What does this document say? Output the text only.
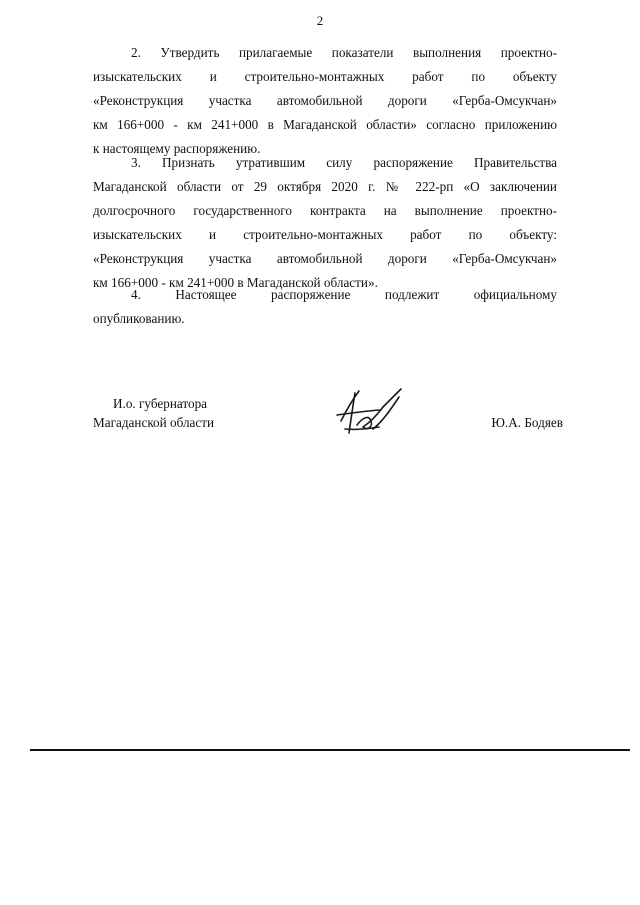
2
2. Утвердить прилагаемые показатели выполнения проектно-
изыскательских и строительно-монтажных работ по объекту
«Реконструкция участка автомобильной дороги «Герба-Омсукчан»
км 166+000 - км 241+000 в Магаданской области» согласно приложению
к настоящему распоряжению.
3. Признать утратившим силу распоряжение Правительства
Магаданской области от 29 октября 2020 г. № 222-рп «О заключении
долгосрочного государственного контракта на выполнение проектно-
изыскательских и строительно-монтажных работ по объекту:
«Реконструкция участка автомобильной дороги «Герба-Омсукчан»
км 166+000 - км 241+000 в Магаданской области».
4. Настоящее распоряжение подлежит официальному
опубликованию.
И.о. губернатора
Магаданской области	Ю.А. Бодяев
